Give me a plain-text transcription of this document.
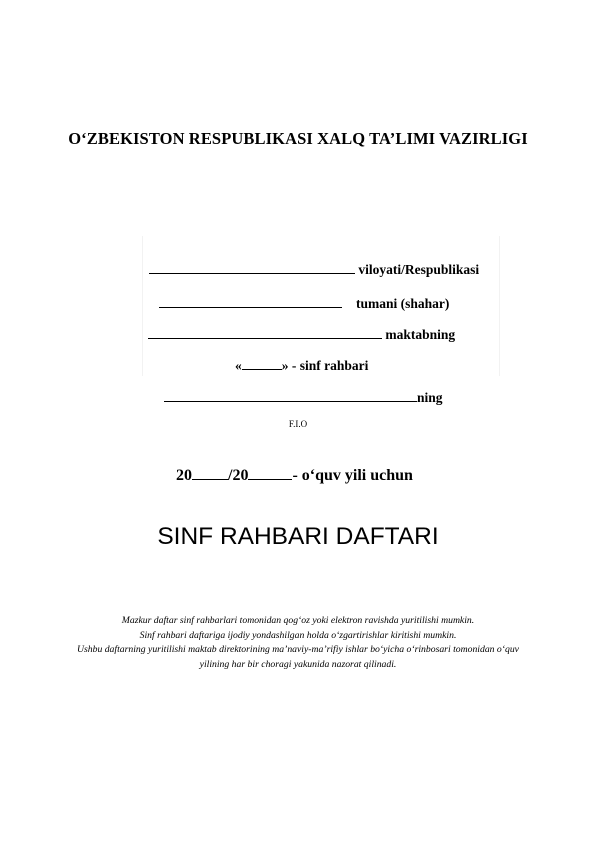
O‘ZBEKISTON RESPUBLIKASI XALQ TA’LIMI VAZIRLIGI
viloyati/Respublikasi
tumani (shahar)
maktabning
«	» - sinf rahbari
ning
F.I.O
20 /20	- o‘quv yili uchun
SINF RAHBARI DAFTARI
Mazkur daftar sinf rahbarlari tomonidan qog‘oz yoki elektron ravishda yuritilishi mumkin.
Sinf rahbari daftariga ijodiy yondashilgan holda o‘zgartirishlar kiritishi mumkin.
Ushbu daftarning yuritilishi maktab direktorining ma’naviy-ma’rifiy ishlar bo‘yicha o‘rinbosari tomonidan o‘quv
yilining har bir choragi yakunida nazorat qilinadi.
